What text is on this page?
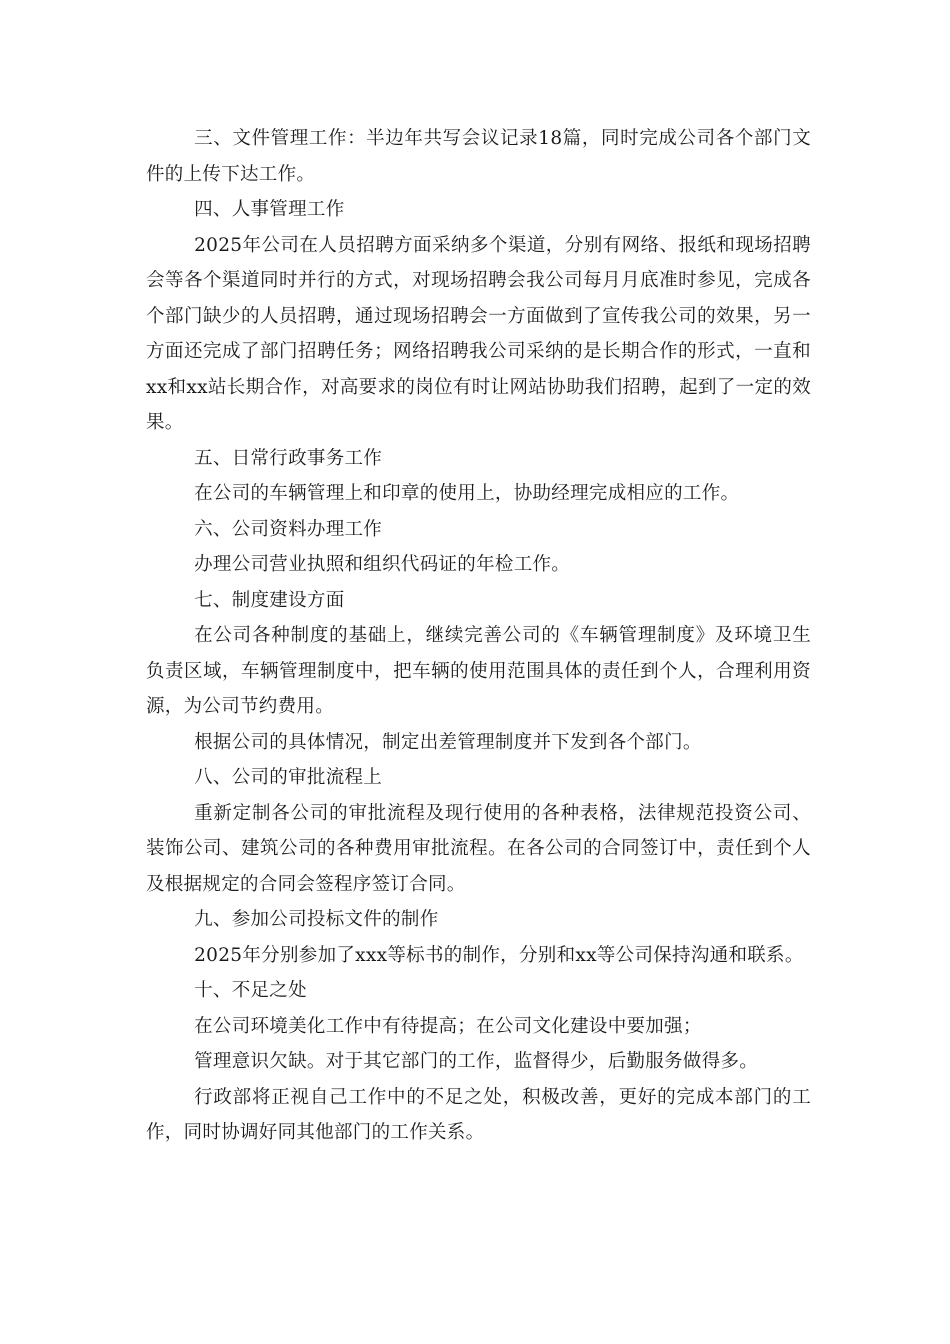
三、文件管理工作：半边年共写会议记录18篇，同时完成公司各个部门文件的上传下达工作。

四、人事管理工作

2025年公司在人员招聘方面采纳多个渠道，分别有网络、报纸和现场招聘会等各个渠道同时并行的方式，对现场招聘会我公司每月月底准时参见，完成各个部门缺少的人员招聘，通过现场招聘会一方面做到了宣传我公司的效果，另一方面还完成了部门招聘任务；网络招聘我公司采纳的是长期合作的形式，一直和xx和xx站长期合作，对高要求的岗位有时让网站协助我们招聘，起到了一定的效果。

五、日常行政事务工作

在公司的车辆管理上和印章的使用上，协助经理完成相应的工作。

六、公司资料办理工作

办理公司营业执照和组织代码证的年检工作。

七、制度建设方面

在公司各种制度的基础上，继续完善公司的《车辆管理制度》及环境卫生负责区域，车辆管理制度中，把车辆的使用范围具体的责任到个人，合理利用资源，为公司节约费用。

根据公司的具体情况，制定出差管理制度并下发到各个部门。

八、公司的审批流程上

重新定制各公司的审批流程及现行使用的各种表格，法律规范投资公司、装饰公司、建筑公司的各种费用审批流程。在各公司的合同签订中，责任到个人及根据规定的合同会签程序签订合同。

九、参加公司投标文件的制作

2025年分别参加了xxx等标书的制作，分别和xx等公司保持沟通和联系。

十、不足之处

在公司环境美化工作中有待提高；在公司文化建设中要加强；

管理意识欠缺。对于其它部门的工作，监督得少，后勤服务做得多。

行政部将正视自己工作中的不足之处，积极改善，更好的完成本部门的工作，同时协调好同其他部门的工作关系。
